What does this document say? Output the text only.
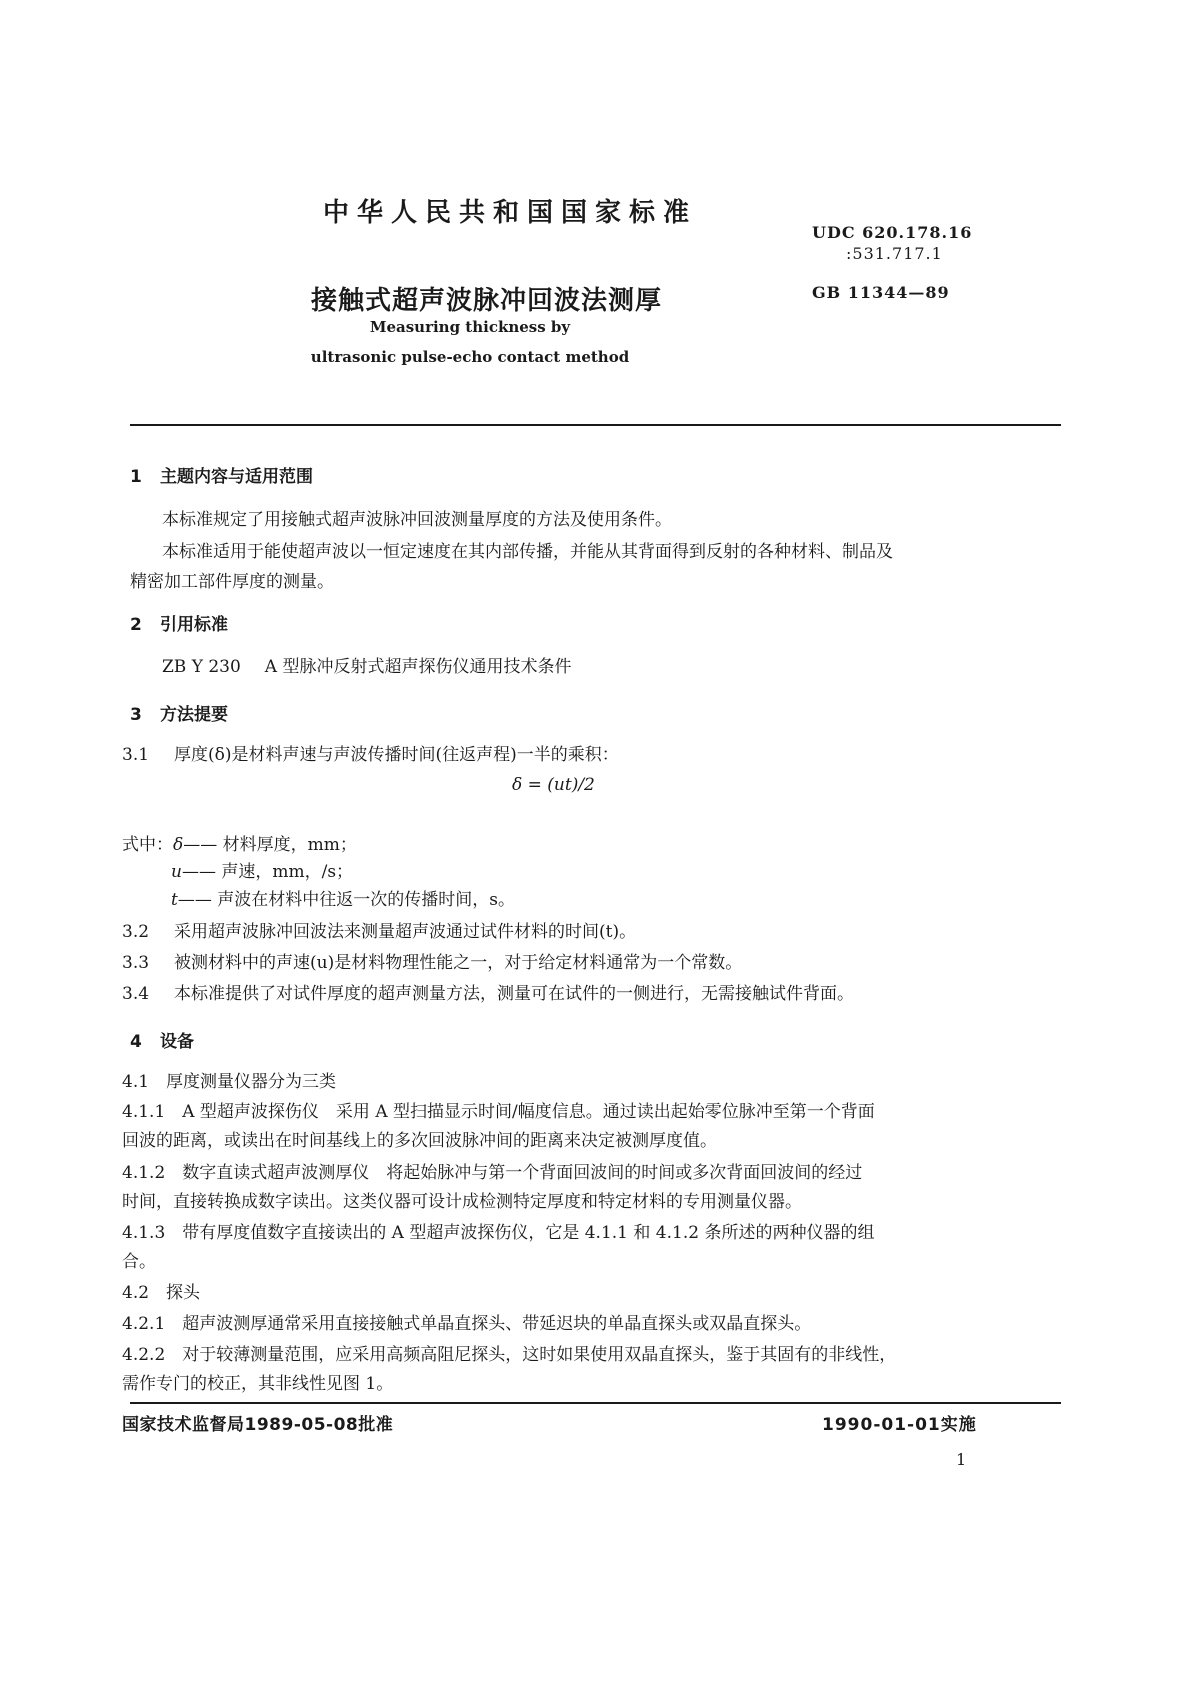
中华人民共和国国家标准
接触式超声波脉冲回波法测厚
Measuring thickness by
ultrasonic pulse-echo contact method
UDC 620.178.16
:531.717.1
GB 11344—89
1 主题内容与适用范围
本标准规定了用接触式超声波脉冲回波测量厚度的方法及使用条件。
本标准适用于能使超声波以一恒定速度在其内部传播，并能从其背面得到反射的各种材料、制品及
精密加工部件厚度的测量。
2 引用标准
ZB Y 230 A 型脉冲反射式超声探伤仪通用技术条件
3 方法提要
3.1 厚度(δ)是材料声速与声波传播时间(往返声程)一半的乘积：
δ = (ut)/2
式中：δ—— 材料厚度，mm；
u—— 声速，mm，/s；
t—— 声波在材料中往返一次的传播时间，s。
3.2 采用超声波脉冲回波法来测量超声波通过试件材料的时间(t)。
3.3 被测材料中的声速(u)是材料物理性能之一，对于给定材料通常为一个常数。
3.4 本标准提供了对试件厚度的超声测量方法，测量可在试件的一侧进行，无需接触试件背面。
4 设备
4.1　厚度测量仪器分为三类
4.1.1　A 型超声波探伤仪　采用 A 型扫描显示时间/幅度信息。通过读出起始零位脉冲至第一个背面
回波的距离，或读出在时间基线上的多次回波脉冲间的距离来决定被测厚度值。
4.1.2　数字直读式超声波测厚仪　将起始脉冲与第一个背面回波间的时间或多次背面回波间的经过
时间，直接转换成数字读出。这类仪器可设计成检测特定厚度和特定材料的专用测量仪器。
4.1.3　带有厚度值数字直接读出的 A 型超声波探伤仪，它是 4.1.1 和 4.1.2 条所述的两种仪器的组
合。
4.2　探头
4.2.1　超声波测厚通常采用直接接触式单晶直探头、带延迟块的单晶直探头或双晶直探头。
4.2.2　对于较薄测量范围，应采用高频高阻尼探头，这时如果使用双晶直探头，鉴于其固有的非线性，
需作专门的校正，其非线性见图 1。
国家技术监督局1989-05-08批准	1990-01-01实施
1
